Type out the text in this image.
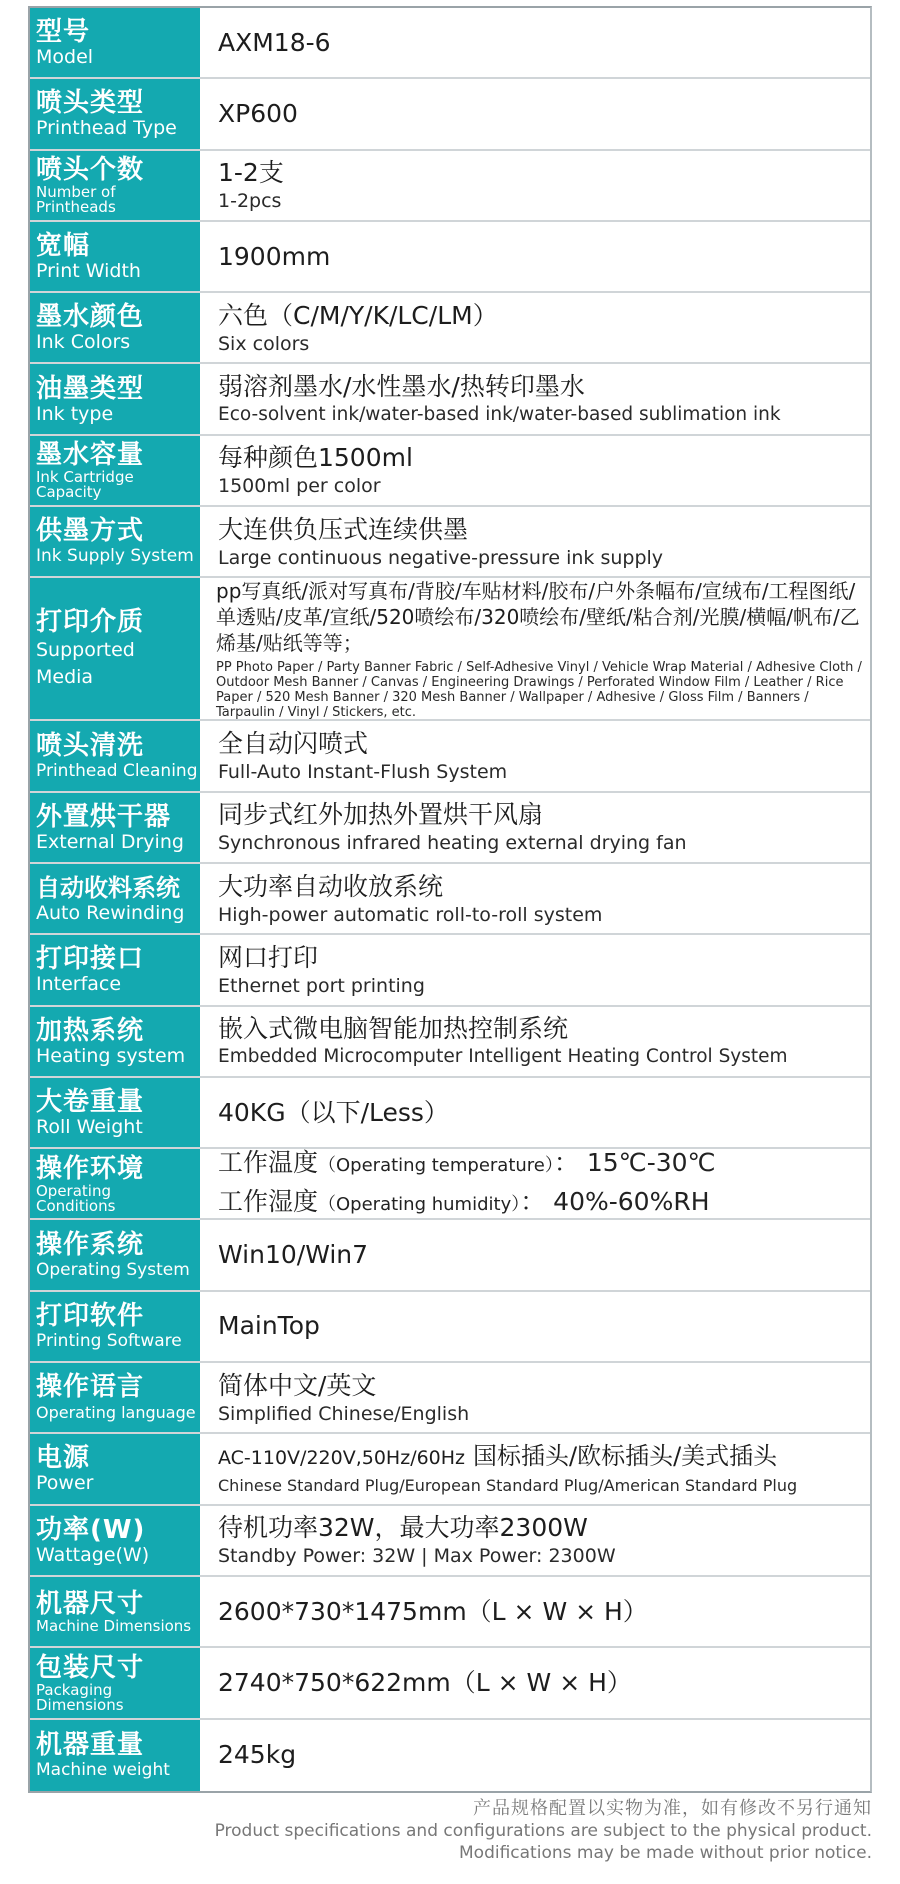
型号
Model
AXM18-6
喷头类型
Printhead Type
XP600
喷头个数
Number of Printheads
1-2支
1-2pcs
宽幅
Print Width
1900mm
墨水颜色
Ink Colors
六色（C/M/Y/K/LC/LM）
Six colors
油墨类型
Ink type
弱溶剂墨水/水性墨水/热转印墨水
Eco-solvent ink/water-based ink/water-based sublimation ink
墨水容量
Ink Cartridge Capacity
每种颜色1500ml
1500ml per color
供墨方式
Ink Supply System
大连供负压式连续供墨
Large continuous negative-pressure ink supply
打印介质
Supported Media
pp写真纸/派对写真布/背胶/车贴材料/胶布/户外条幅布/宣绒布/工程图纸/单透贴/皮革/宣纸/520喷绘布/320喷绘布/壁纸/粘合剂/光膜/横幅/帆布/乙烯基/贴纸等等；
PP Photo Paper / Party Banner Fabric / Self-Adhesive Vinyl / Vehicle Wrap Material / Adhesive Cloth / Outdoor Mesh Banner / Canvas / Engineering Drawings / Perforated Window Film / Leather / Rice Paper / 520 Mesh Banner / 320 Mesh Banner / Wallpaper / Adhesive / Gloss Film / Banners / Tarpaulin / Vinyl / Stickers, etc.
喷头清洗
Printhead Cleaning
全自动闪喷式
Full-Auto Instant-Flush System
外置烘干器
External Drying
同步式红外加热外置烘干风扇
Synchronous infrared heating external drying fan
自动收料系统
Auto Rewinding
大功率自动收放系统
High-power automatic roll-to-roll system
打印接口
Interface
网口打印
Ethernet port printing
加热系统
Heating system
嵌入式微电脑智能加热控制系统
Embedded Microcomputer Intelligent Heating Control System
大卷重量
Roll Weight
40KG（以下/Less）
操作环境
Operating Conditions
工作温度（Operating temperature）： 15℃-30℃
工作湿度（Operating humidity）： 40%-60%RH
操作系统
Operating System
Win10/Win7
打印软件
Printing Software
MainTop
操作语言
Operating language
简体中文/英文
Simplified Chinese/English
电源
Power
AC-110V/220V,50Hz/60Hz 国标插头/欧标插头/美式插头
Chinese Standard Plug/European Standard Plug/American Standard Plug
功率(W)
Wattage(W)
待机功率32W，最大功率2300W
Standby Power: 32W | Max Power: 2300W
机器尺寸
Machine Dimensions
2600*730*1475mm（L × W × H）
包装尺寸
Packaging Dimensions
2740*750*622mm（L × W × H）
机器重量
Machine weight
245kg
产品规格配置以实物为准，如有修改不另行通知
Product specifications and configurations are subject to the physical product.
Modifications may be made without prior notice.
